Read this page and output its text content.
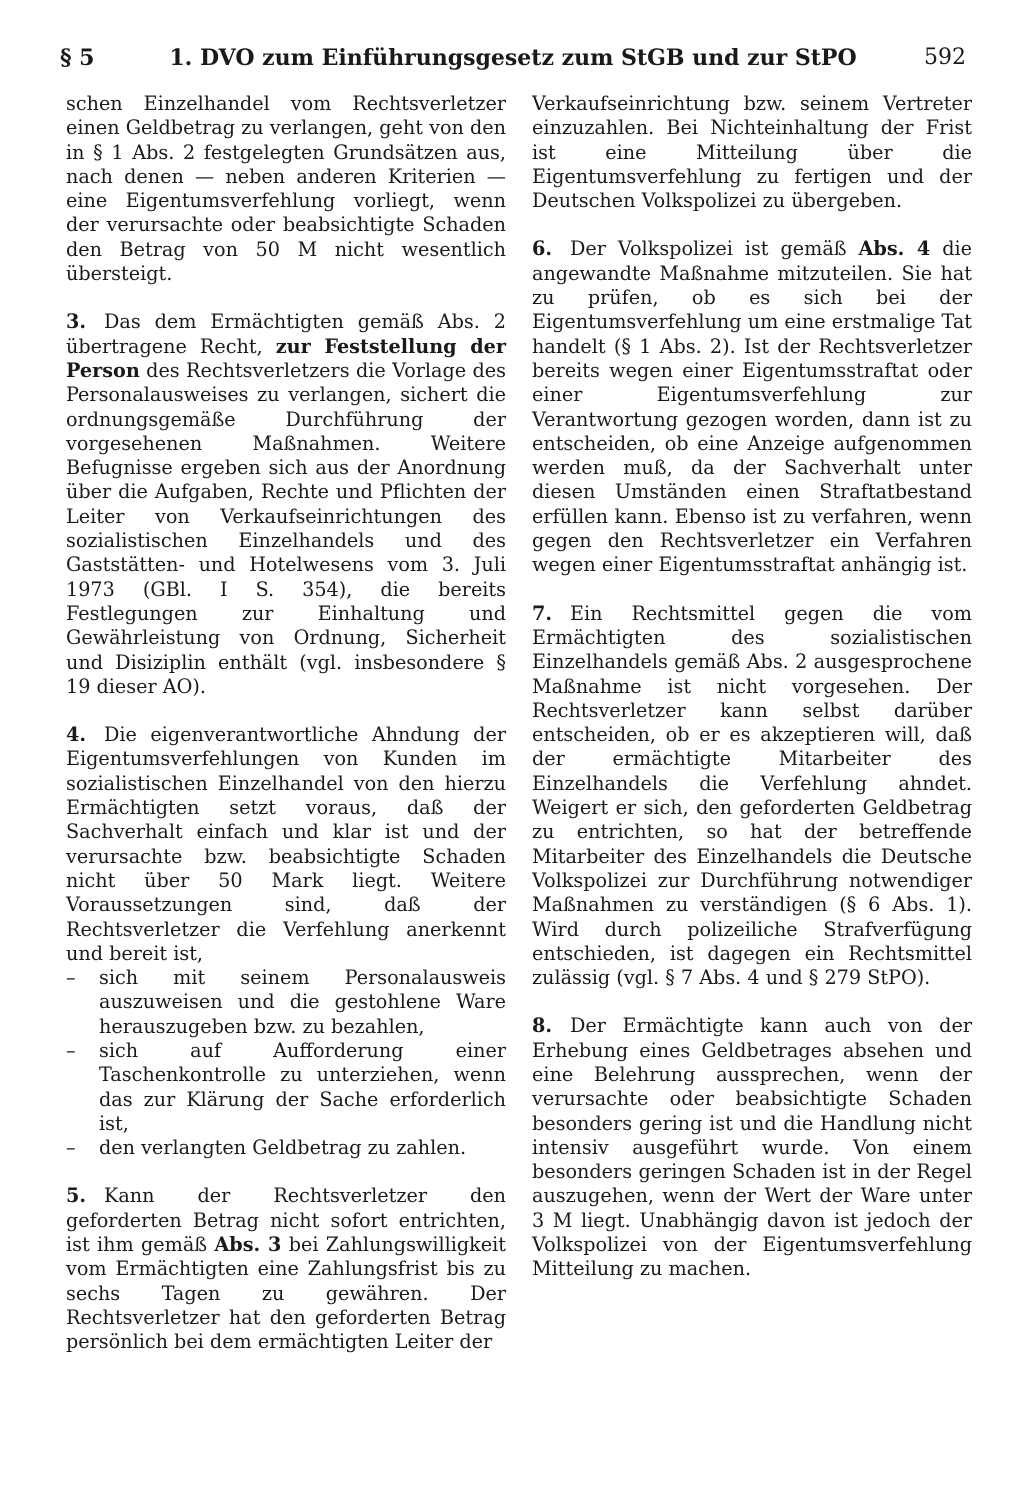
§ 5	1. DVO zum Einführungsgesetz zum StGB und zur StPO	592

schen Einzelhandel vom Rechtsverletzer einen Geldbetrag zu verlangen, geht von den in § 1 Abs. 2 festgelegten Grundsätzen aus, nach denen — neben anderen Kriterien — eine Eigentumsverfehlung vorliegt, wenn der verursachte oder beabsichtigte Schaden den Betrag von 50 M nicht wesentlich übersteigt.

3. Das dem Ermächtigten gemäß Abs. 2 übertragene Recht, zur Feststellung der Person des Rechtsverletzers die Vorlage des Personalausweises zu verlangen, sichert die ordnungsgemäße Durchführung der vorgesehenen Maßnahmen. Weitere Befugnisse ergeben sich aus der Anordnung über die Aufgaben, Rechte und Pflichten der Leiter von Verkaufseinrichtungen des sozialistischen Einzelhandels und des Gaststätten- und Hotelwesens vom 3. Juli 1973 (GBl. I S. 354), die bereits Festlegungen zur Einhaltung und Gewährleistung von Ordnung, Sicherheit und Disiziplin enthält (vgl. insbesondere § 19 dieser AO).

4. Die eigenverantwortliche Ahndung der Eigentumsverfehlungen von Kunden im sozialistischen Einzelhandel von den hierzu Ermächtigten setzt voraus, daß der Sachverhalt einfach und klar ist und der verursachte bzw. beabsichtigte Schaden nicht über 50 Mark liegt. Weitere Voraussetzungen sind, daß der Rechtsverletzer die Verfehlung anerkennt und bereit ist,

– sich mit seinem Personalausweis auszuweisen und die gestohlene Ware herauszugeben bzw. zu bezahlen,
– sich auf Aufforderung einer Taschenkontrolle zu unterziehen, wenn das zur Klärung der Sache erforderlich ist,
– den verlangten Geldbetrag zu zahlen.

5. Kann der Rechtsverletzer den geforderten Betrag nicht sofort entrichten, ist ihm gemäß Abs. 3 bei Zahlungswilligkeit vom Ermächtigten eine Zahlungsfrist bis zu sechs Tagen zu gewähren. Der Rechtsverletzer hat den geforderten Betrag persönlich bei dem ermächtigten Leiter der

Verkaufseinrichtung bzw. seinem Vertreter einzuzahlen. Bei Nichteinhaltung der Frist ist eine Mitteilung über die Eigentumsverfehlung zu fertigen und der Deutschen Volkspolizei zu übergeben.

6. Der Volkspolizei ist gemäß Abs. 4 die angewandte Maßnahme mitzuteilen. Sie hat zu prüfen, ob es sich bei der Eigentumsverfehlung um eine erstmalige Tat handelt (§ 1 Abs. 2). Ist der Rechtsverletzer bereits wegen einer Eigentumsstraftat oder einer Eigentumsverfehlung zur Verantwortung gezogen worden, dann ist zu entscheiden, ob eine Anzeige aufgenommen werden muß, da der Sachverhalt unter diesen Umständen einen Straftatbestand erfüllen kann. Ebenso ist zu verfahren, wenn gegen den Rechtsverletzer ein Verfahren wegen einer Eigentumsstraftat anhängig ist.

7. Ein Rechtsmittel gegen die vom Ermächtigten des sozialistischen Einzelhandels gemäß Abs. 2 ausgesprochene Maßnahme ist nicht vorgesehen. Der Rechtsverletzer kann selbst darüber entscheiden, ob er es akzeptieren will, daß der ermächtigte Mitarbeiter des Einzelhandels die Verfehlung ahndet. Weigert er sich, den geforderten Geldbetrag zu entrichten, so hat der betreffende Mitarbeiter des Einzelhandels die Deutsche Volkspolizei zur Durchführung notwendiger Maßnahmen zu verständigen (§ 6 Abs. 1). Wird durch polizeiliche Strafverfügung entschieden, ist dagegen ein Rechtsmittel zulässig (vgl. § 7 Abs. 4 und § 279 StPO).

8. Der Ermächtigte kann auch von der Erhebung eines Geldbetrages absehen und eine Belehrung aussprechen, wenn der verursachte oder beabsichtigte Schaden besonders gering ist und die Handlung nicht intensiv ausgeführt wurde. Von einem besonders geringen Schaden ist in der Regel auszugehen, wenn der Wert der Ware unter 3 M liegt. Unabhängig davon ist jedoch der Volkspolizei von der Eigentumsverfehlung Mitteilung zu machen.
